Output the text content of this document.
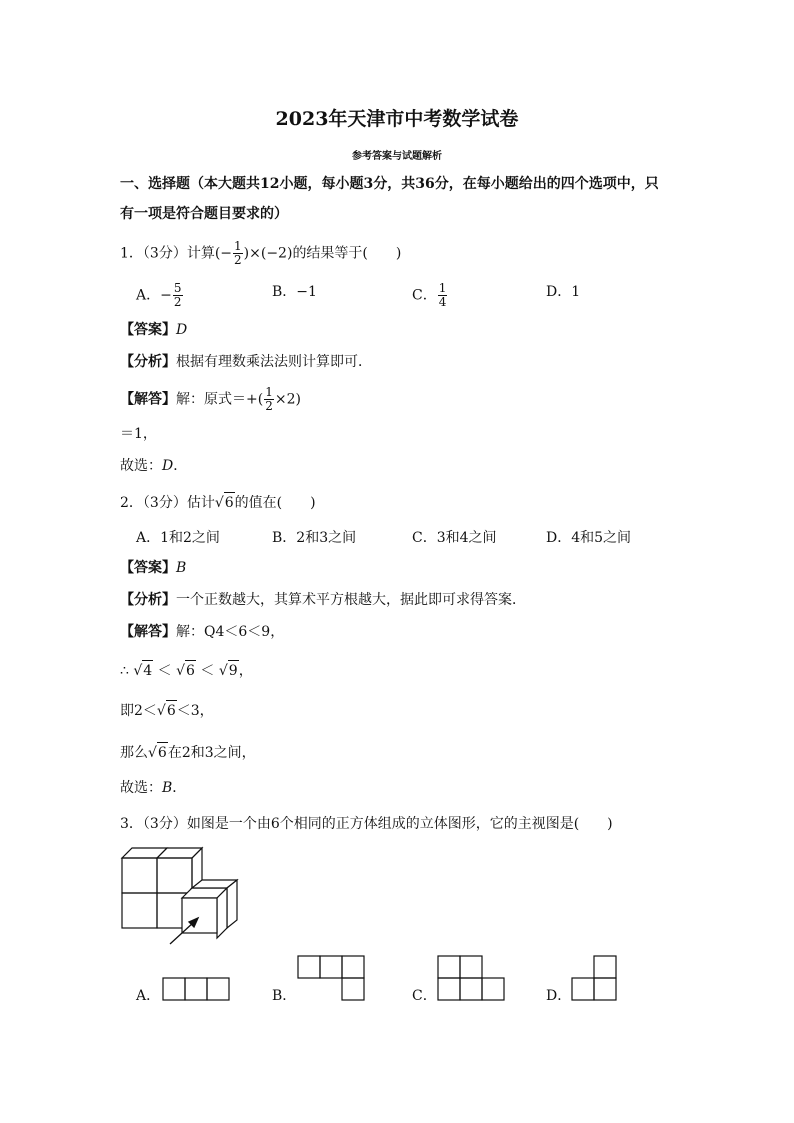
2023年天津市中考数学试卷
参考答案与试题解析
一、选择题（本大题共12小题，每小题3分，共36分，在每小题给出的四个选项中，只
有一项是符合题目要求的）
1．（3分）计算(− $\frac{1}{2} )\times(-2)$的结果等于(　　)
A．− $\frac{5}{2}$	B．−1	C． $\frac{1}{4}$	D．1
【答案】D
【分析】根据有理数乘法法则计算即可．
【解答】解：原式＝+( $\frac{1}{2} \times 2$)
＝1，
故选：D．
2．（3分）估计√6的值在(　　)
A．1和2之间	B．2和3之间	C．3和4之间	D．4和5之间
【答案】B
【分析】一个正数越大，其算术平方根越大，据此即可求得答案．
【解答】解：Q4＜6＜9，
∴ √4 ＜ √6 ＜ √9，
即2＜√6＜3，
那么√6在2和3之间，
故选：B．
3．（3分）如图是一个由6个相同的正方体组成的立体图形，它的主视图是(　　)
A．	B．	C．	D．
